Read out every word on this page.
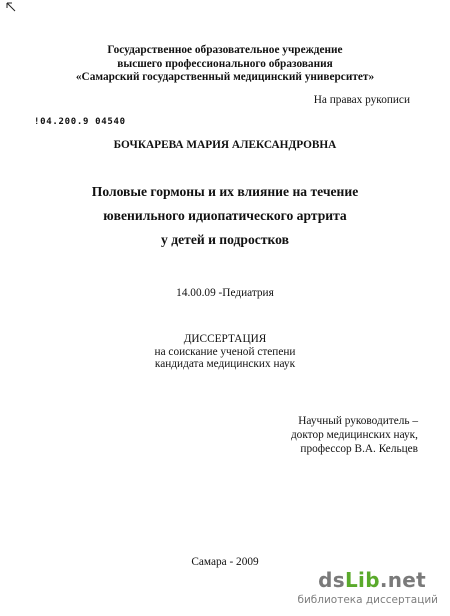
Государственное образовательное учреждение
высшего профессионального образования
«Самарский государственный медицинский университет»
На правах рукописи
!04.200.9 04540
БОЧКАРЕВА МАРИЯ АЛЕКСАНДРОВНА
Половые гормоны и их влияние на течение
ювенильного идиопатического артрита
у детей и подростков
14.00.09 -Педиатрия
ДИССЕРТАЦИЯ
на соискание ученой степени
кандидата медицинских наук
Научный руководитель –
доктор медицинских наук,
профессор В.А. Кельцев
Самара - 2009
dsLib.net
библиотека диссертаций
